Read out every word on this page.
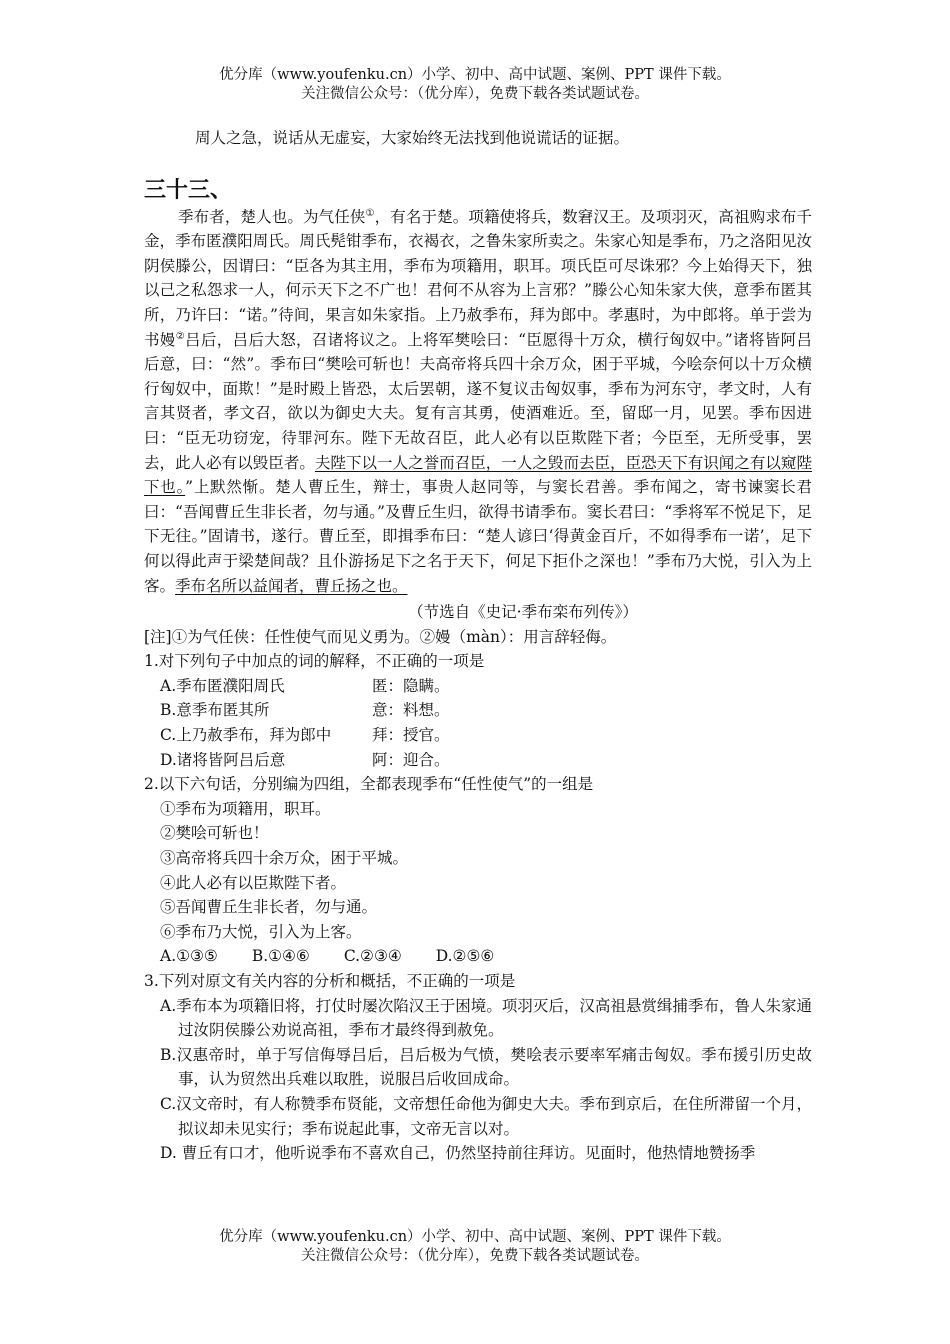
优分库（www.youfenku.cn）小学、初中、高中试题、案例、PPT 课件下载。
关注微信公众号：（优分库），免费下载各类试题试卷。

周人之急，说话从无虚妄，大家始终无法找到他说谎话的证据。

三十三、

季布者，楚人也。为气任侠①，有名于楚。项籍使将兵，数窘汉王。及项羽灭，高祖购求布千金，季布匿濮阳周氏。周氏髡钳季布，衣褐衣，之鲁朱家所卖之。朱家心知是季布，乃之洛阳见汝阴侯滕公，因谓曰：“臣各为其主用，季布为项籍用，职耳。项氏臣可尽诛邪？今上始得天下，独以己之私怨求一人，何示天下之不广也！君何不从容为上言邪？”滕公心知朱家大侠，意季布匿其所，乃许曰：“诺。”待间，果言如朱家指。上乃赦季布，拜为郎中。孝惠时，为中郎将。单于尝为书嫚②吕后，吕后大怒，召诸将议之。上将军樊哙曰：“臣愿得十万众，横行匈奴中。”诸将皆阿吕后意，曰：“然”。季布曰“樊哙可斩也！夫高帝将兵四十余万众，困于平城，今哙奈何以十万众横行匈奴中，面欺！”是时殿上皆恐，太后罢朝，遂不复议击匈奴事，季布为河东守，孝文时，人有言其贤者，孝文召，欲以为御史大夫。复有言其勇，使酒难近。至，留邸一月，见罢。季布因进曰：“臣无功窃宠，待罪河东。陛下无故召臣，此人必有以臣欺陛下者；今臣至，无所受事，罢去，此人必有以毁臣者。夫陛下以一人之誉而召臣，一人之毁而去臣，臣恐天下有识闻之有以窥陛下也。”上默然惭。楚人曹丘生，辩士，事贵人赵同等，与窦长君善。季布闻之，寄书谏窦长君曰：“吾闻曹丘生非长者，勿与通。”及曹丘生归，欲得书请季布。窦长君曰：“季将军不悦足下，足下无往。”固请书，遂行。曹丘至，即揖季布曰：“楚人谚曰‘得黄金百斤，不如得季布一诺’，足下何以得此声于梁楚间哉？且仆游扬足下之名于天下，何足下拒仆之深也！”季布乃大悦，引入为上客。季布名所以益闻者，曹丘扬之也。

（节选自《史记·季布栾布列传》）

[注]①为气任侠：任性使气而见义勇为。②嫚（màn）：用言辞轻侮。

1.对下列句子中加点的词的解释，不正确的一项是

A.季布匿濮阳周氏	匿：隐瞒。
B.意季布匿其所	意：料想。
C.上乃赦季布，拜为郎中	拜：授官。
D.诸将皆阿吕后意	阿：迎合。

2.以下六句话，分别编为四组，全都表现季布“任性使气”的一组是

①季布为项籍用，职耳。

②樊哙可斩也！

③高帝将兵四十余万众，困于平城。

④此人必有以臣欺陛下者。

⑤吾闻曹丘生非长者，勿与通。

⑥季布乃大悦，引入为上客。

A.①③⑤ B.①④⑥ C.②③④ D.②⑤⑥

3.下列对原文有关内容的分析和概括，不正确的一项是

A.季布本为项籍旧将，打仗时屡次陷汉王于困境。项羽灭后，汉高祖悬赏缉捕季布，鲁人朱家通过汝阴侯滕公劝说高祖，季布才最终得到赦免。

B.汉惠帝时，单于写信侮辱吕后，吕后极为气愤，樊哙表示要率军痛击匈奴。季布援引历史故事，认为贸然出兵难以取胜，说服吕后收回成命。

C.汉文帝时，有人称赞季布贤能，文帝想任命他为御史大夫。季布到京后，在住所滞留一个月，拟议却未见实行；季布说起此事，文帝无言以对。

D. 曹丘有口才，他听说季布不喜欢自己，仍然坚持前往拜访。见面时，他热情地赞扬季

优分库（www.youfenku.cn）小学、初中、高中试题、案例、PPT 课件下载。
关注微信公众号：（优分库），免费下载各类试题试卷。
